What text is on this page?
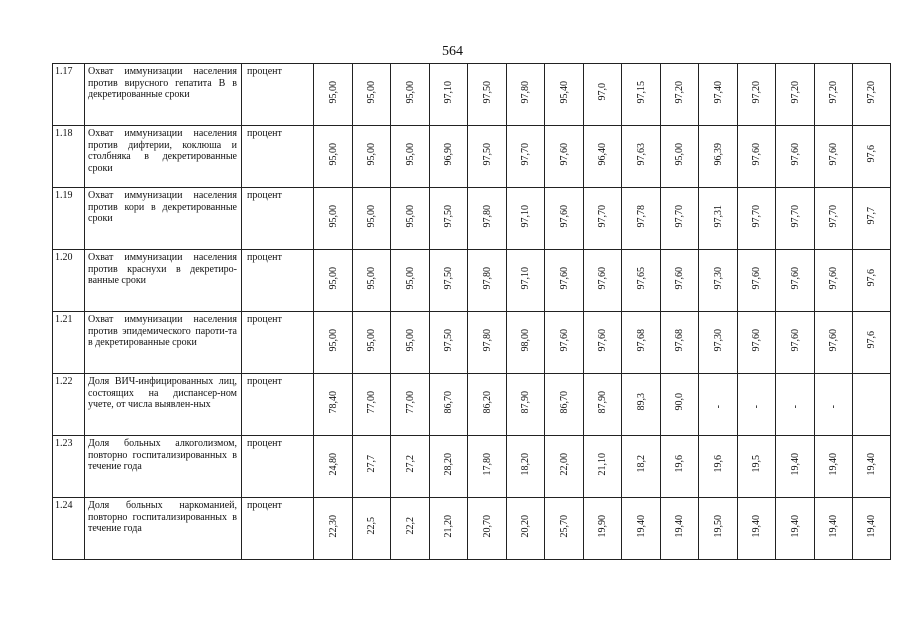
564
1.17	Охват иммунизации населения против вирусного гепатита В в декретированные сроки	процент	95,00	95,00	95,00	97,10	97,50	97,80	95,40	97,0	97,15	97,20	97,40	97,20	97,20	97,20	97,20	
1.18	Охват иммунизации населения против дифтерии, коклюша и столбняка в декретированные сроки	процент	95,00	95,00	95,00	96,90	97,50	97,70	97,60	96,40	97,63	95,00	96,39	97,60	97,60	97,60	97,6	
1.19	Охват иммунизации населения против кори в декретированные сроки	процент	95,00	95,00	95,00	97,50	97,80	97,10	97,60	97,70	97,78	97,70	97,31	97,70	97,70	97,70	97,7	
1.20	Охват иммунизации населения против краснухи в декретиро-ванные сроки	процент	95,00	95,00	95,00	97,50	97,80	97,10	97,60	97,60	97,65	97,60	97,30	97,60	97,60	97,60	97,6	
1.21	Охват иммунизации населения против эпидемического пароти-та в декретированные сроки	процент	95,00	95,00	95,00	97,50	97,80	98,00	97,60	97,60	97,68	97,68	97,30	97,60	97,60	97,60	97,6	
1.22	Доля ВИЧ-инфицированных лиц, состоящих на диспансер-ном учете, от числа выявлен-ных	процент	78,40	77,00	77,00	86,70	86,20	87,90	86,70	87,90	89,3	90,0	-	-	-	-		
1.23	Доля больных алкоголизмом, повторно госпитализированных в течение года	процент	24,80	27,7	27,2	28,20	17,80	18,20	22,00	21,10	18,2	19,6	19,6	19,5	19,40	19,40	19,40	
1.24	Доля больных наркоманией, повторно госпитализированных в течение года	процент	22,30	22,5	22,2	21,20	20,70	20,20	25,70	19,90	19,40	19,40	19,50	19,40	19,40	19,40	19,40	
